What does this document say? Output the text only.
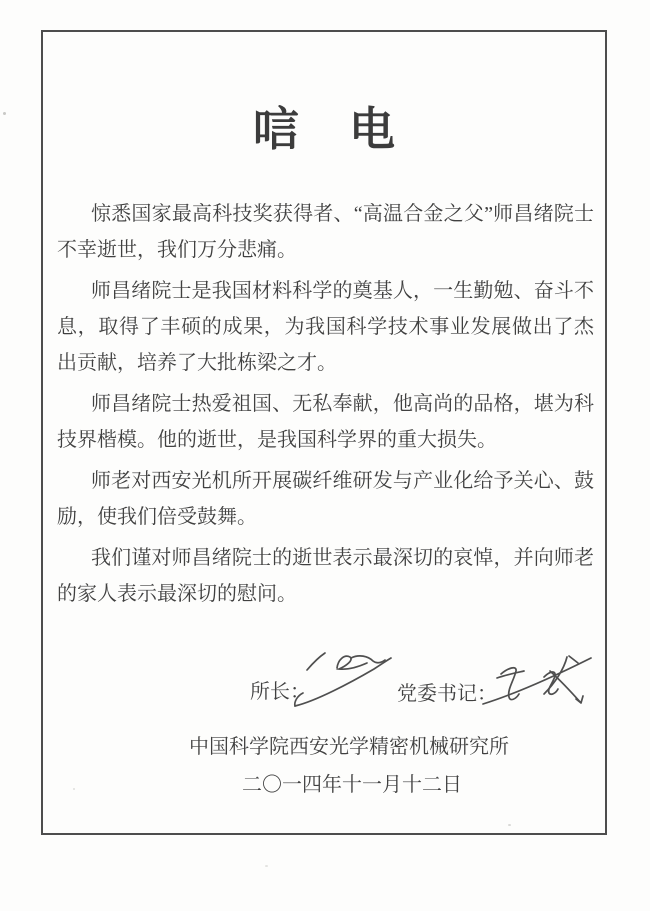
唁　电

惊悉国家最高科技奖获得者、“高温合金之父”师昌绪院士不幸逝世，我们万分悲痛。

师昌绪院士是我国材料科学的奠基人，一生勤勉、奋斗不息，取得了丰硕的成果，为我国科学技术事业发展做出了杰出贡献，培养了大批栋梁之才。

师昌绪院士热爱祖国、无私奉献，他高尚的品格，堪为科技界楷模。他的逝世，是我国科学界的重大损失。

师老对西安光机所开展碳纤维研发与产业化给予关心、鼓励，使我们倍受鼓舞。

我们谨对师昌绪院士的逝世表示最深切的哀悼，并向师老的家人表示最深切的慰问。

所长：	党委书记：
中国科学院西安光学精密机械研究所
二〇一四年十一月十二日
